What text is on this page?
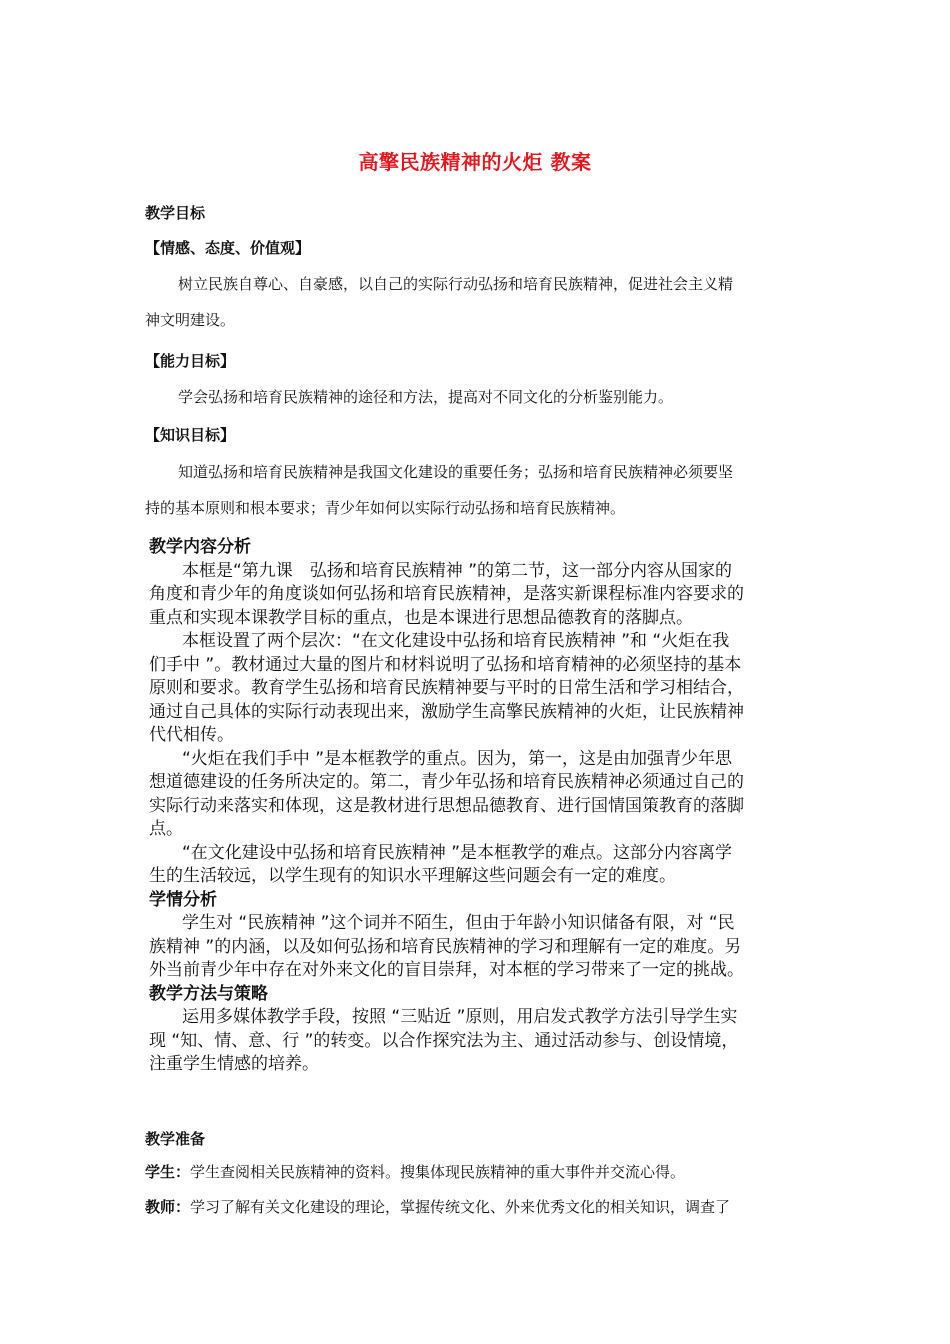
高擎民族精神的火炬 教案
教学目标
【情感、态度、价值观】
树立民族自尊心、自豪感，以自己的实际行动弘扬和培育民族精神，促进社会主义精
神文明建设。
【能力目标】
学会弘扬和培育民族精神的途径和方法，提高对不同文化的分析鉴别能力。
【知识目标】
知道弘扬和培育民族精神是我国文化建设的重要任务；弘扬和培育民族精神必须要坚
持的基本原则和根本要求；青少年如何以实际行动弘扬和培育民族精神。
教学内容分析
本框是“第九课　弘扬和培育民族精神 ”的第二节，这一部分内容从国家的
角度和青少年的角度谈如何弘扬和培育民族精神，是落实新课程标准内容要求的
重点和实现本课教学目标的重点，也是本课进行思想品德教育的落脚点。
本框设置了两个层次：“在文化建设中弘扬和培育民族精神 ”和 “火炬在我
们手中 ”。教材通过大量的图片和材料说明了弘扬和培育精神的必须坚持的基本
原则和要求。教育学生弘扬和培育民族精神要与平时的日常生活和学习相结合，
通过自己具体的实际行动表现出来，激励学生高擎民族精神的火炬，让民族精神
代代相传。
“火炬在我们手中 ”是本框教学的重点。因为，第一，这是由加强青少年思
想道德建设的任务所决定的。第二，青少年弘扬和培育民族精神必须通过自己的
实际行动来落实和体现，这是教材进行思想品德教育、进行国情国策教育的落脚
点。
“在文化建设中弘扬和培育民族精神 ”是本框教学的难点。这部分内容离学
生的生活较远，以学生现有的知识水平理解这些问题会有一定的难度。
学情分析
学生对 “民族精神 ”这个词并不陌生，但由于年龄小知识储备有限，对 “民
族精神 ”的内涵，以及如何弘扬和培育民族精神的学习和理解有一定的难度。另
外当前青少年中存在对外来文化的盲目崇拜，对本框的学习带来了一定的挑战。
教学方法与策略
运用多媒体教学手段，按照 “三贴近 ”原则，用启发式教学方法引导学生实
现 “知、情、意、行 ”的转变。以合作探究法为主、通过活动参与、创设情境，
注重学生情感的培养。
教学准备
学生：学生查阅相关民族精神的资料。搜集体现民族精神的重大事件并交流心得。
教师：学习了解有关文化建设的理论，掌握传统文化、外来优秀文化的相关知识，调查了
